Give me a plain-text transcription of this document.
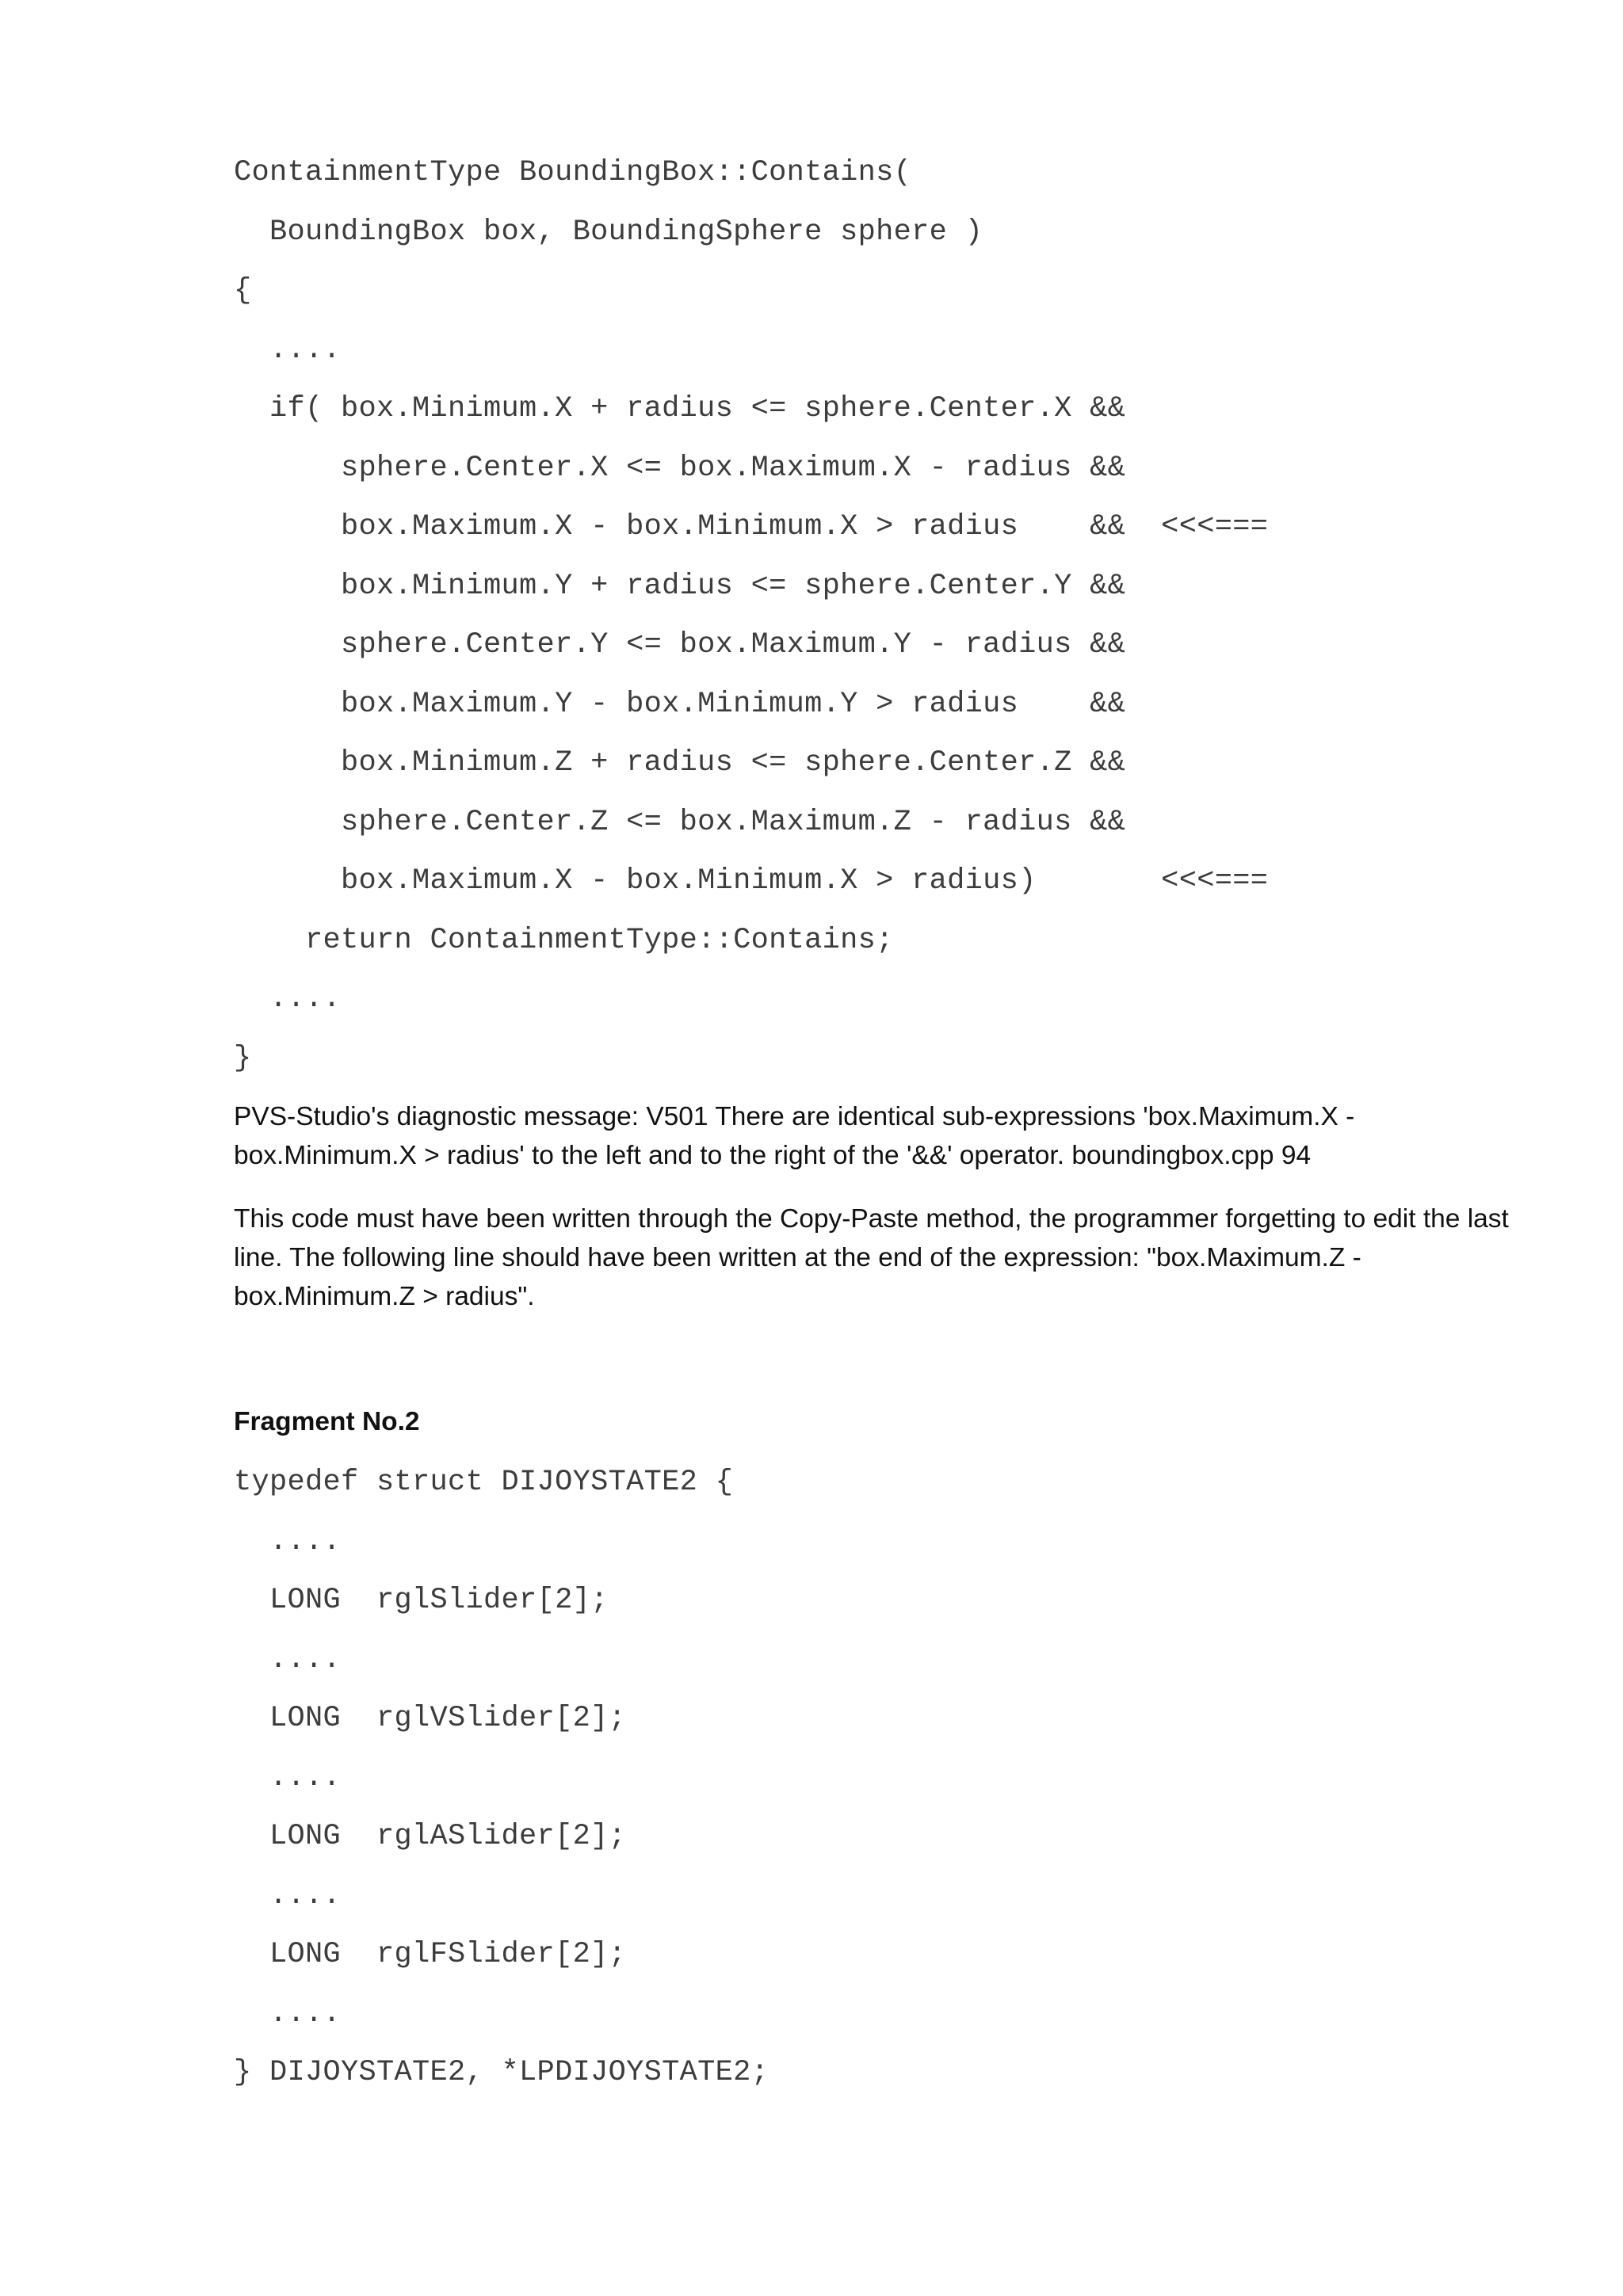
ContainmentType BoundingBox::Contains(
BoundingBox box, BoundingSphere sphere )
{
....
if( box.Minimum.X + radius <= sphere.Center.X &&
sphere.Center.X <= box.Maximum.X - radius &&
box.Maximum.X - box.Minimum.X > radius    &&  <<<===
box.Minimum.Y + radius <= sphere.Center.Y &&
sphere.Center.Y <= box.Maximum.Y - radius &&
box.Maximum.Y - box.Minimum.Y > radius    &&
box.Minimum.Z + radius <= sphere.Center.Z &&
sphere.Center.Z <= box.Maximum.Z - radius &&
box.Maximum.X - box.Minimum.X > radius)       <<<===
return ContainmentType::Contains;
....
}

PVS-Studio's diagnostic message: V501 There are identical sub-expressions 'box.Maximum.X - box.Minimum.X > radius' to the left and to the right of the '&&' operator. boundingbox.cpp 94

This code must have been written through the Copy-Paste method, the programmer forgetting to edit the last line. The following line should have been written at the end of the expression: "box.Maximum.Z - box.Minimum.Z > radius".

Fragment No.2
typedef struct DIJOYSTATE2 {
....
LONG  rglSlider[2];
....
LONG  rglVSlider[2];
....
LONG  rglASlider[2];
....
LONG  rglFSlider[2];
....
} DIJOYSTATE2, *LPDIJOYSTATE2;
